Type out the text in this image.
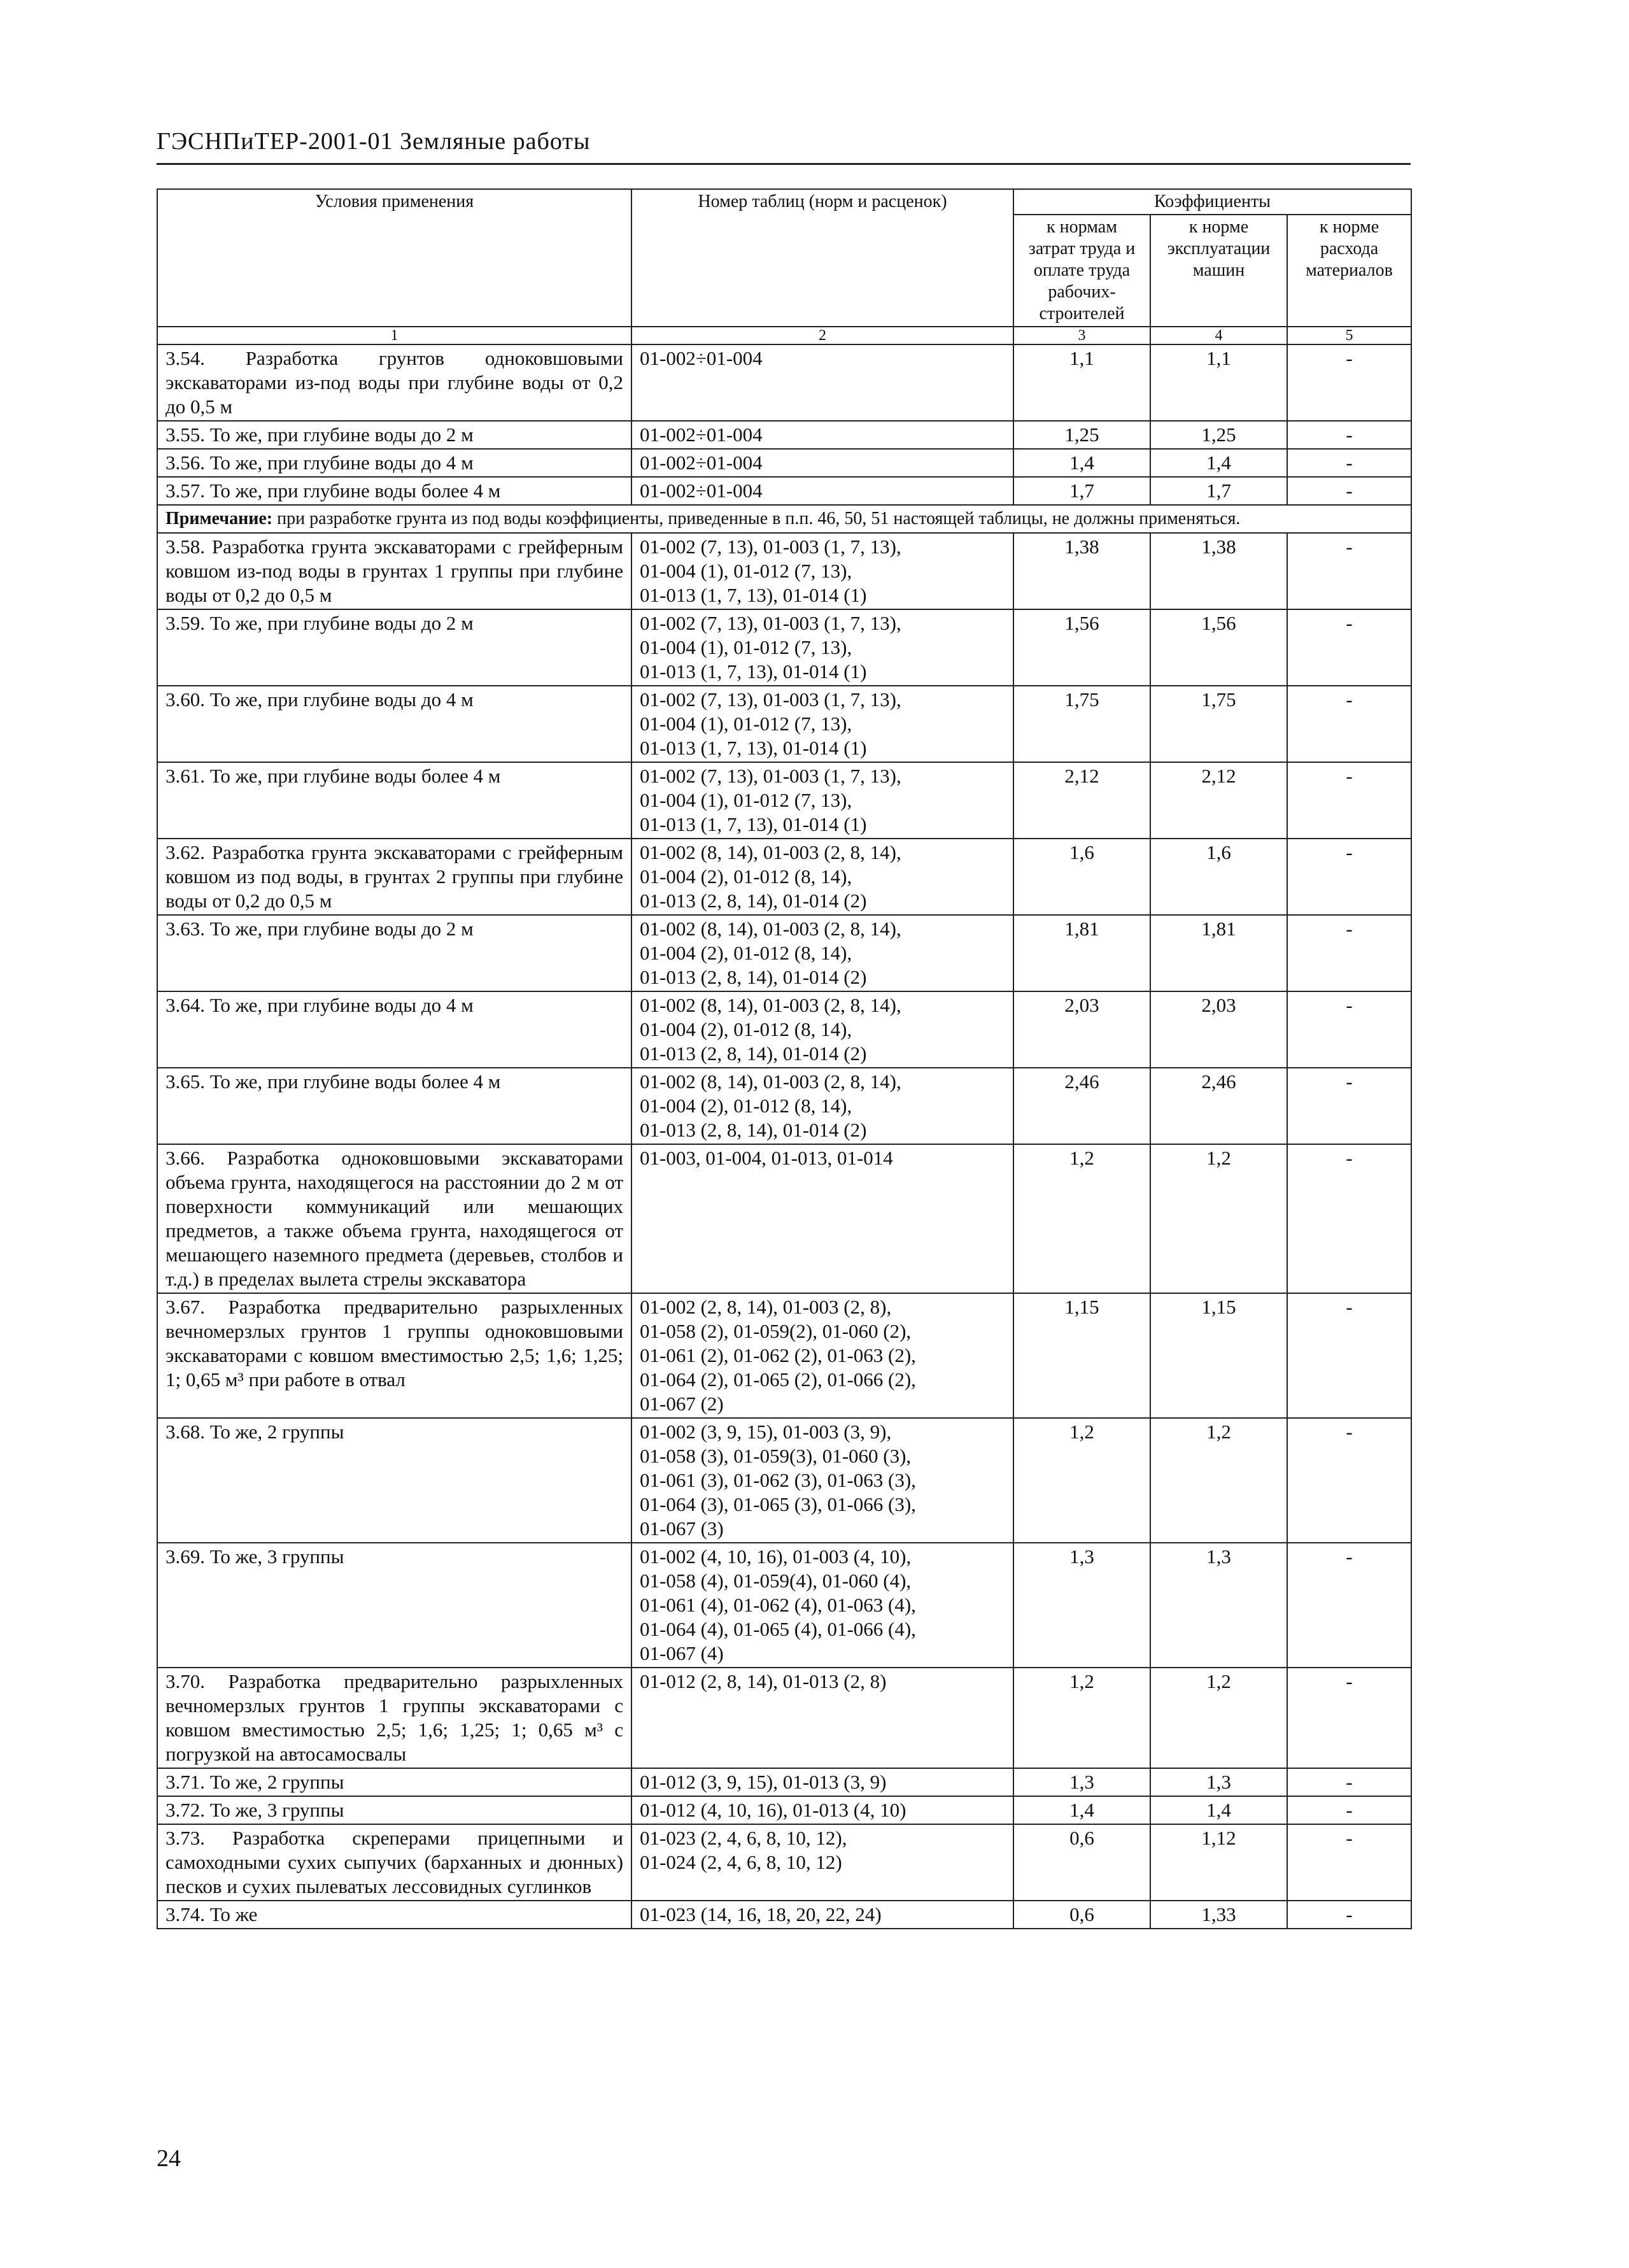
ГЭСНПиТЕР-2001-01 Земляные работы
Условия применения	Номер таблиц (норм и расценок)	Коэффициенты		
		к нормам затрат труда и оплате труда рабочих-строителей	к норме эксплуатации машин	к норме расхода материалов
1	2	3	4	5
3.54. Разработка грунтов одноковшовыми экскаваторами из-под воды при глубине воды от 0,2 до 0,5 м	01-002÷01-004	1,1	1,1	-
3.55. То же, при глубине воды до 2 м	01-002÷01-004	1,25	1,25	-
3.56. То же, при глубине воды до 4 м	01-002÷01-004	1,4	1,4	-
3.57. То же, при глубине воды более 4 м	01-002÷01-004	1,7	1,7	-
Примечание: при разработке грунта из под воды коэффициенты, приведенные в п.п. 46, 50, 51 настоящей таблицы, не должны применяться.				
3.58. Разработка грунта экскаваторами с грейферным ковшом из-под воды в грунтах 1 группы при глубине воды от 0,2 до 0,5 м	01-002 (7, 13), 01-003 (1, 7, 13),
01-004 (1), 01-012 (7, 13),
01-013 (1, 7, 13), 01-014 (1)	1,38	1,38	-
3.59. То же, при глубине воды до 2 м	01-002 (7, 13), 01-003 (1, 7, 13),
01-004 (1), 01-012 (7, 13),
01-013 (1, 7, 13), 01-014 (1)	1,56	1,56	-
3.60. То же, при глубине воды до 4 м	01-002 (7, 13), 01-003 (1, 7, 13),
01-004 (1), 01-012 (7, 13),
01-013 (1, 7, 13), 01-014 (1)	1,75	1,75	-
3.61. То же, при глубине воды более 4 м	01-002 (7, 13), 01-003 (1, 7, 13),
01-004 (1), 01-012 (7, 13),
01-013 (1, 7, 13), 01-014 (1)	2,12	2,12	-
3.62. Разработка грунта экскаваторами с грейферным ковшом из под воды, в грунтах 2 группы при глубине воды от 0,2 до 0,5 м	01-002 (8, 14), 01-003 (2, 8, 14),
01-004 (2), 01-012 (8, 14),
01-013 (2, 8, 14), 01-014 (2)	1,6	1,6	-
3.63. То же, при глубине воды до 2 м	01-002 (8, 14), 01-003 (2, 8, 14),
01-004 (2), 01-012 (8, 14),
01-013 (2, 8, 14), 01-014 (2)	1,81	1,81	-
3.64. То же, при глубине воды до 4 м	01-002 (8, 14), 01-003 (2, 8, 14),
01-004 (2), 01-012 (8, 14),
01-013 (2, 8, 14), 01-014 (2)	2,03	2,03	-
3.65. То же, при глубине воды более 4 м	01-002 (8, 14), 01-003 (2, 8, 14),
01-004 (2), 01-012 (8, 14),
01-013 (2, 8, 14), 01-014 (2)	2,46	2,46	-
3.66. Разработка одноковшовыми экскаваторами объема грунта, находящегося на расстоянии до 2 м от поверхности коммуникаций или мешающих предметов, а также объема грунта, находящегося от мешающего наземного предмета (деревьев, столбов и т.д.) в пределах вылета стрелы экскаватора	01-003, 01-004, 01-013, 01-014	1,2	1,2	-
3.67. Разработка предварительно разрыхленных вечномерзлых грунтов 1 группы одноковшовыми экскаваторами с ковшом вместимостью 2,5; 1,6; 1,25; 1; 0,65 м³ при работе в отвал	01-002 (2, 8, 14), 01-003 (2, 8),
01-058 (2), 01-059(2), 01-060 (2),
01-061 (2), 01-062 (2), 01-063 (2),
01-064 (2), 01-065 (2), 01-066 (2),
01-067 (2)	1,15	1,15	-
3.68. То же, 2 группы	01-002 (3, 9, 15), 01-003 (3, 9),
01-058 (3), 01-059(3), 01-060 (3),
01-061 (3), 01-062 (3), 01-063 (3),
01-064 (3), 01-065 (3), 01-066 (3),
01-067 (3)	1,2	1,2	-
3.69. То же, 3 группы	01-002 (4, 10, 16), 01-003 (4, 10),
01-058 (4), 01-059(4), 01-060 (4),
01-061 (4), 01-062 (4), 01-063 (4),
01-064 (4), 01-065 (4), 01-066 (4),
01-067 (4)	1,3	1,3	-
3.70. Разработка предварительно разрыхленных вечномерзлых грунтов 1 группы экскаваторами с ковшом вместимостью 2,5; 1,6; 1,25; 1; 0,65 м³ с погрузкой на автосамосвалы	01-012 (2, 8, 14), 01-013 (2, 8)	1,2	1,2	-
3.71. То же, 2 группы	01-012 (3, 9, 15), 01-013 (3, 9)	1,3	1,3	-
3.72. То же, 3 группы	01-012 (4, 10, 16), 01-013 (4, 10)	1,4	1,4	-
3.73. Разработка скреперами прицепными и самоходными сухих сыпучих (барханных и дюнных) песков и сухих пылеватых лессовидных суглинков	01-023 (2, 4, 6, 8, 10, 12),
01-024 (2, 4, 6, 8, 10, 12)	0,6	1,12	-
3.74. То же	01-023 (14, 16, 18, 20, 22, 24)	0,6	1,33	-
24
